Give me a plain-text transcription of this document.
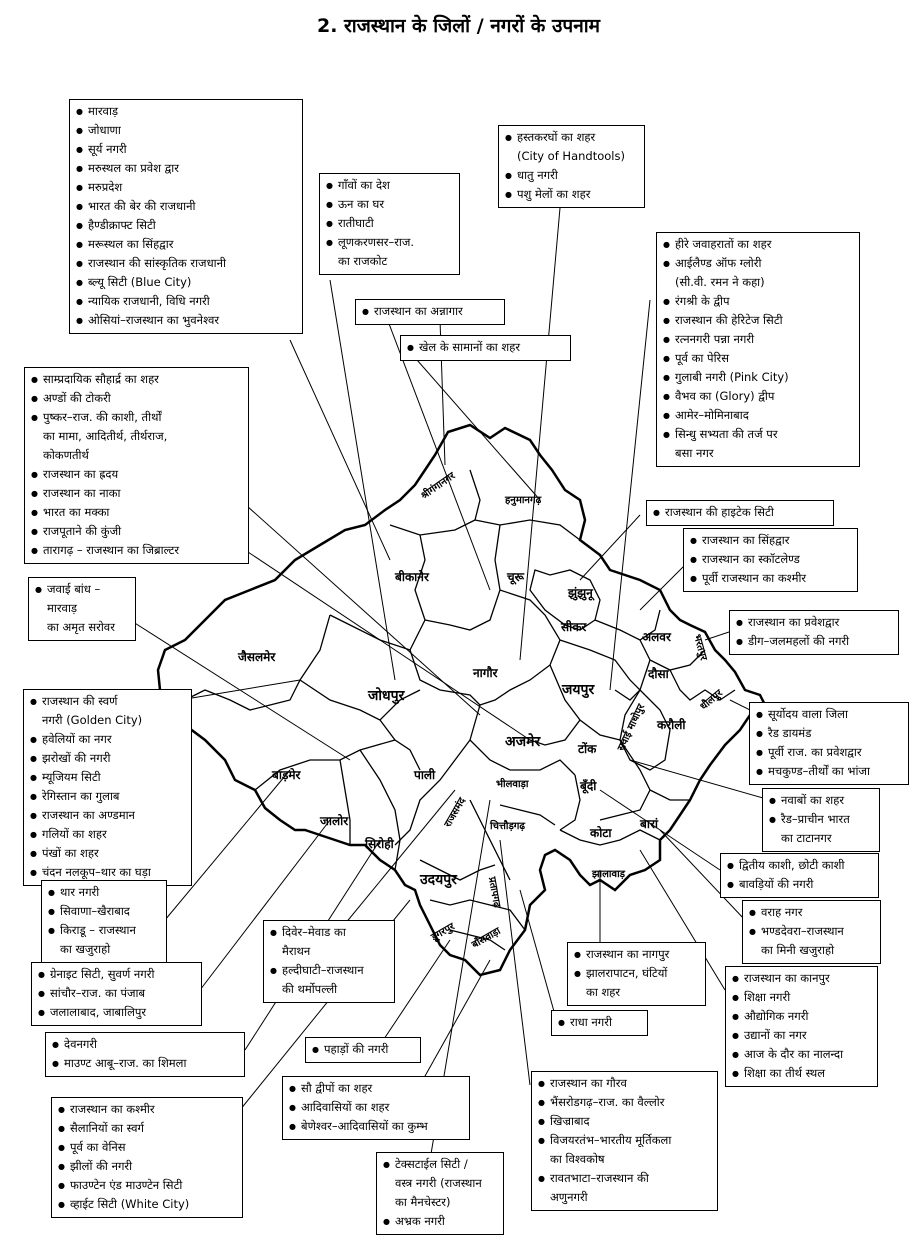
2. राजस्थान के जिलों / नगरों के उपनाम
श्रीगंगानगर	हनुमानगढ़
बीकानेर	चूरू
झुंझुनू
सीकर
अलवर भरतपुर
जैसलमेर
जोधपुर
नागौर
जयपुर
दौसा
धौलपुर
सवाई माधोपुर करौली
अजमेर	टोंक
बाड़मेर	पाली
भीलवाड़ा	बूँदी
राजसमंद चित्तौड़गढ़
जालोर
सिरोही
कोटा
बारां
झालावाड़
उदयपुर	प्रतापगढ़
डूंगरपुर बाँसवाड़ा
● मारवाड़
● जोधाणा
● सूर्य नगरी
● मरुस्थल का प्रवेश द्वार
● मरुप्रदेश
● भारत की बेर की राजधानी
● हैण्डीक्राफ्ट सिटी
● मरूस्थल का सिंहद्वार
● राजस्थान की सांस्कृतिक राजधानी
● ब्ल्यू सिटी (Blue City)
● न्यायिक राजधानी, विधि नगरी
● ओसियां–राजस्थान का भुवनेश्वर
● गाँवों का देश
● ऊन का घर
● रातीघाटी
● लूणकरणसर–राज.
का राजकोट
● हस्तकरघों का शहर
(City of Handtools)
● धातु नगरी
● पशु मेलों का शहर
● राजस्थान का अन्नागार
● खेल के सामानों का शहर
● हीरे जवाहरातों का शहर
● आईलैण्ड ऑफ ग्लोरी
(सी.वी. रमन ने कहा)
● रंगश्री के द्वीप
● राजस्थान की हेरिटेज सिटी
● रत्ननगरी पन्ना नगरी
● पूर्व का पेरिस
● गुलाबी नगरी (Pink City)
● वैभव का (Glory) द्वीप
● आमेर–मोमिनाबाद
● सिन्धु सभ्यता की तर्ज पर
बसा नगर
● साम्प्रदायिक सौहार्द्र का शहर
● अण्डों की टोकरी
● पुष्कर–राज. की काशी, तीर्थों
का मामा, आदितीर्थ, तीर्थराज,
कोकणतीर्थ
● राजस्थान का ह्रदय
● राजस्थान का नाका
● भारत का मक्का
● राजपूताने की कुंजी
● तारागढ़ – राजस्थान का जिब्राल्टर
● राजस्थान की हाइटेक सिटी
● राजस्थान का सिंहद्वार
● राजस्थान का स्कॉटलेण्ड
● पूर्वी राजस्थान का कश्मीर
● राजस्थान का प्रवेशद्वार
● डीग–जलमहलों की नगरी
● जवाई बांध –
मारवाड़
का अमृत सरोवर
● राजस्थान की स्वर्ण
नगरी (Golden City)
● हवेलियों का नगर
● झरोखों की नगरी
● म्यूजियम सिटी
● रेगिस्तान का गुलाब
● राजस्थान का अण्डमान
● गलियों का शहर
● पंखों का शहर
● चंदन नलकूप–थार का घड़ा
● सूर्योदय वाला जिला
● रैड डायमंड
● पूर्वी राज. का प्रवेशद्वार
● मचकुण्ड–तीर्थों का भांजा
● नवाबों का शहर
● रैड–प्राचीन भारत
का टाटानगर
● द्वितीय काशी, छोटी काशी
● बावड़ियों की नगरी
● थार नगरी
● सिवाणा–खैराबाद
● किराडू – राजस्थान
का खजुराहो
● दिवेर–मेवाड का
मैराथन
● हल्दीघाटी–राजस्थान
की थर्मोपल्ली
● वराह नगर
● भण्डदेवरा–राजस्थान
का मिनी खजुराहो
● ग्रेनाइट सिटी, सुवर्ण नगरी
● सांचौर–राज. का पंजाब
● जलालाबाद, जाबालिपुर
● राजस्थान का नागपुर
● झालरापाटन, घंटियों
का शहर
● राजस्थान का कानपुर
● शिक्षा नगरी
● औद्योगिक नगरी
● उद्यानों का नगर
● आज के दौर का नालन्दा
● शिक्षा का तीर्थ स्थल
● राधा नगरी
● देवनगरी
● माउण्ट आबू–राज. का शिमला
● पहाड़ों की नगरी
● सौ द्वीपों का शहर
● आदिवासियों का शहर
● बेणेश्वर–आदिवासियों का कुम्भ
● राजस्थान का गौरव
● भैंसरोडगढ़–राज. का वैल्लोर
● खिज्राबाद
● विजयरतंभ–भारतीय मूर्तिकला
का विश्वकोष
● रावतभाटा–राजस्थान की
अणुनगरी
● राजस्थान का कश्मीर
● सैलानियों का स्वर्ग
● पूर्व का वेनिस
● झीलों की नगरी
● फाउण्टेन एंड माउण्टेन सिटी
● व्हाईट सिटी (White City)
● टेक्सटाईल सिटी /
वस्त्र नगरी (राजस्थान
का मैनचेस्टर)
● अभ्रक नगरी
